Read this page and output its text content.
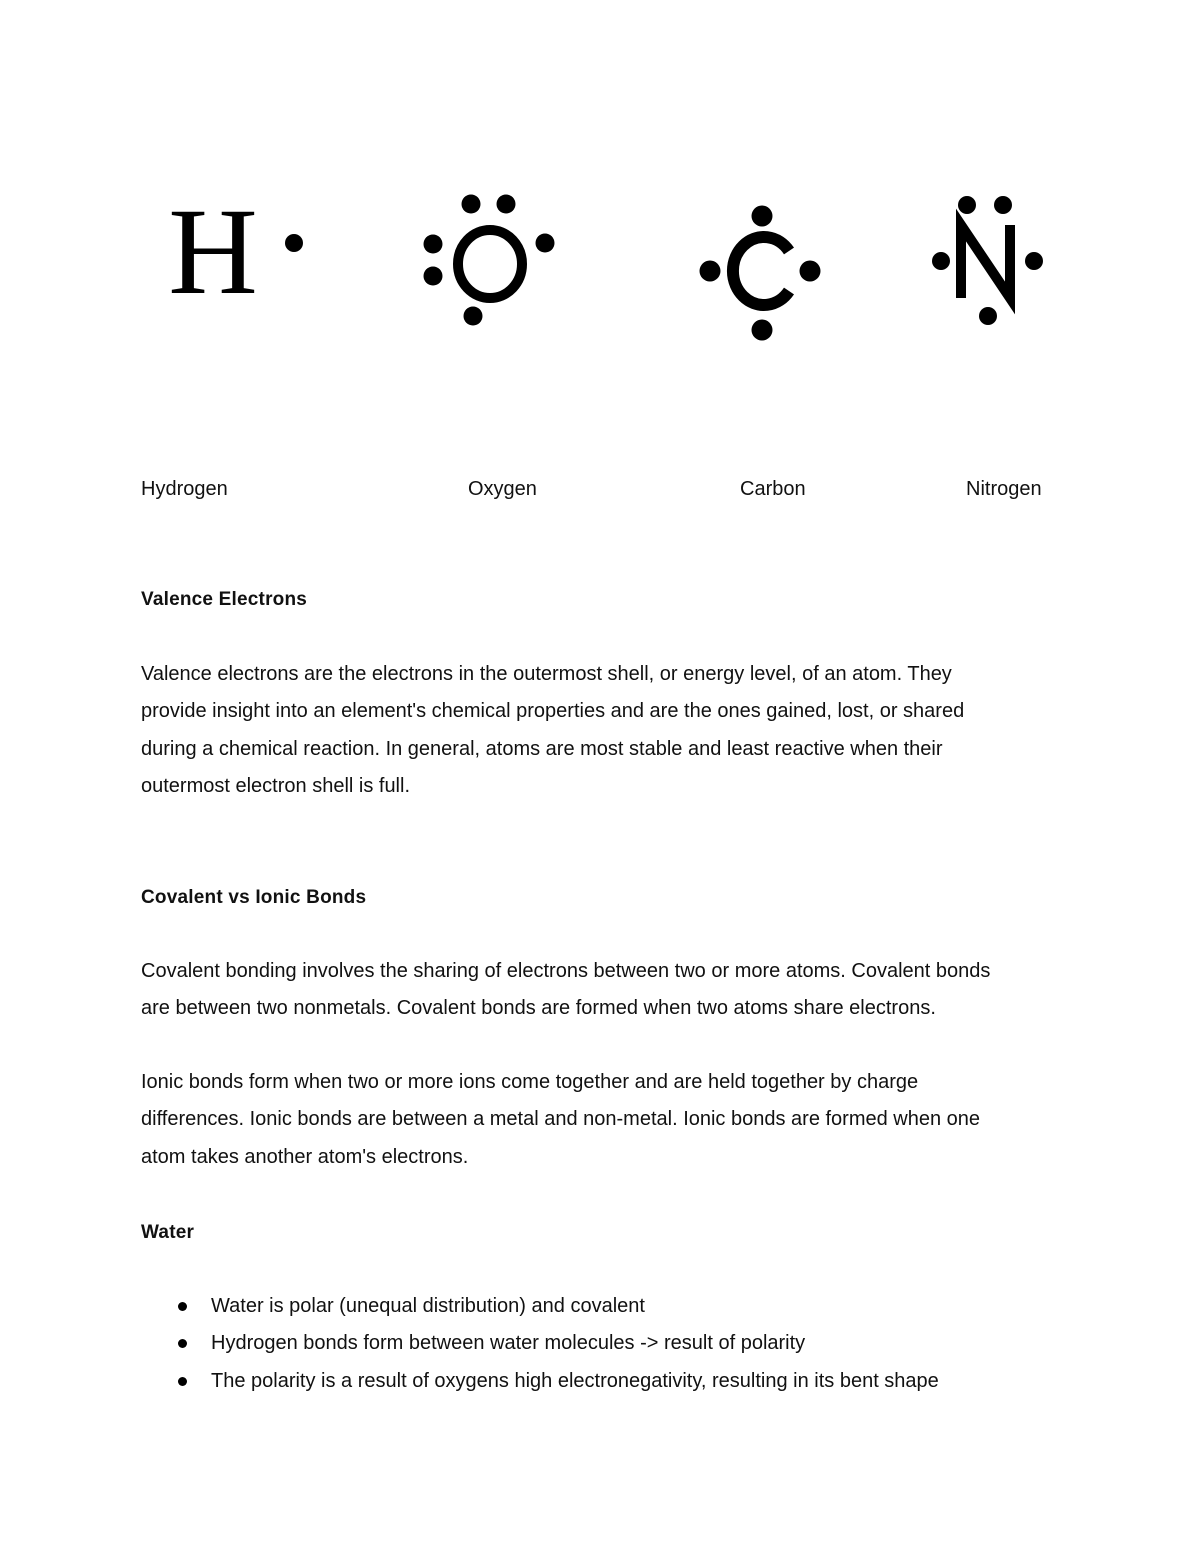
H
Hydrogen	Oxygen	Carbon	Nitrogen
Valence Electrons

Valence electrons are the electrons in the outermost shell, or energy level, of an atom. They
provide insight into an element's chemical properties and are the ones gained, lost, or shared
during a chemical reaction. In general, atoms are most stable and least reactive when their
outermost electron shell is full.

Covalent vs Ionic Bonds

Covalent bonding involves the sharing of electrons between two or more atoms. Covalent bonds
are between two nonmetals. Covalent bonds are formed when two atoms share electrons.

Ionic bonds form when two or more ions come together and are held together by charge
differences. Ionic bonds are between a metal and non-metal. Ionic bonds are formed when one
atom takes another atom's electrons.

Water
Water is polar (unequal distribution) and covalent
Hydrogen bonds form between water molecules -> result of polarity
The polarity is a result of oxygens high electronegativity, resulting in its bent shape
